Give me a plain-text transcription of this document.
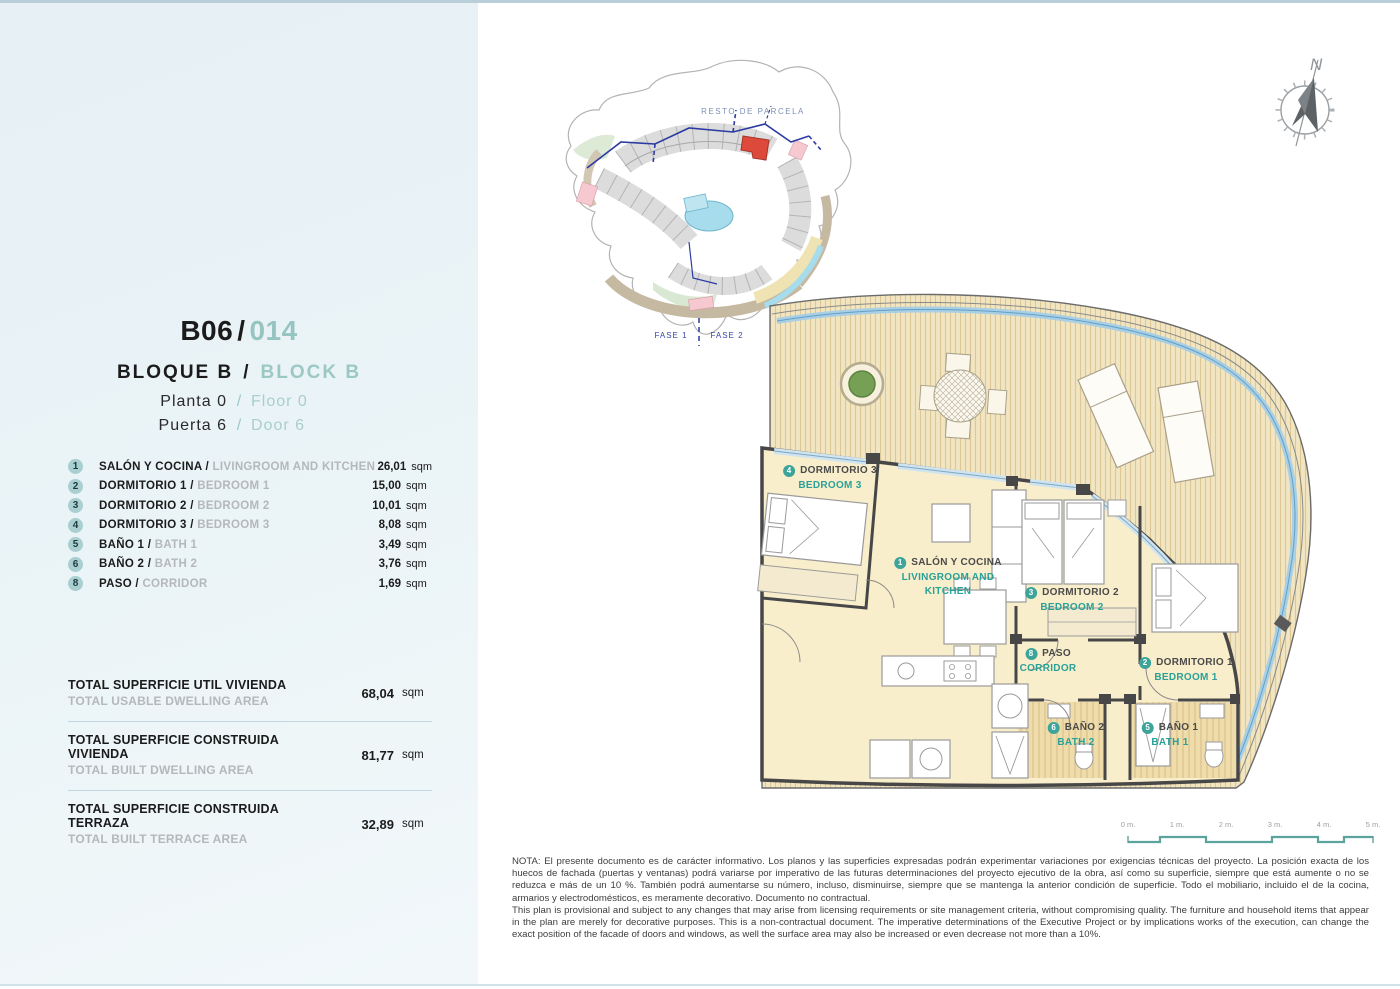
B06 / 014
BLOQUE B / BLOCK B
Planta 0 / Floor 0
Puerta 6 / Door 6
1	SALÓN Y COCINA / LIVINGROOM AND KITCHEN 26,01 sqm
2	DORMITORIO 1 / BEDROOM 1	15,00 sqm
3	DORMITORIO 2 / BEDROOM 2	10,01 sqm
4	DORMITORIO 3 / BEDROOM 3	8,08 sqm
5	BAÑO 1 / BATH 1	3,49 sqm
6	BAÑO 2 / BATH 2	3,76 sqm
8	PASO / CORRIDOR	1,69 sqm
TOTAL SUPERFICIE UTIL VIVIENDA
TOTAL USABLE DWELLING AREA
68,04 sqm
TOTAL SUPERFICIE CONSTRUIDA VIVIENDA
TOTAL BUILT DWELLING AREA
81,77 sqm
TOTAL SUPERFICIE CONSTRUIDA TERRAZA
TOTAL BUILT TERRACE AREA
32,89 sqm
RESTO DE PARCELA
FASE 1	FASE 2
N
4 DORMITORIO 3
BEDROOM 3
1 SALÓN Y COCINA
LIVINGROOM AND KITCHEN	3 DORMITORIO 2
BEDROOM 2
8 PASO
CORRIDOR	2 DORMITORIO 1
BEDROOM 1
6 BAÑO 2
BATH 2
5 BAÑO 1
BATH 1
0 m.	1 m.	2 m.	3 m.	4 m.	5 m.

NOTA: El presente documento es de carácter informativo. Los planos y las superficies expresadas podrán experimentar variaciones por exigencias técnicas del proyecto. La posición exacta de los huecos de fachada (puertas y ventanas) podrá variarse por imperativo de las futuras determinaciones del proyecto ejecutivo de la obra, así como su superficie, siempre que está aumente o no se reduzca e más de un 10 %. También podrá aumentarse su número, incluso, disminuirse, siempre que se mantenga la anterior condición de superficie. Todo el mobiliario, incluido el de la cocina, armarios y electrodomésticos, es meramente decorativo. Documento no contractual.

This plan is provisional and subject to any changes that may arise from licensing requirements or site management criteria, without compromising quality. The furniture and household items that appear in the plan are merely for decorative purposes. This is a non-contractual document. The imperative determinations of the Executive Project or by implications works of the execution, can change the exact position of the facade of doors and windows, as well the surface area may also be increased or even decrease not more than a 10%.
